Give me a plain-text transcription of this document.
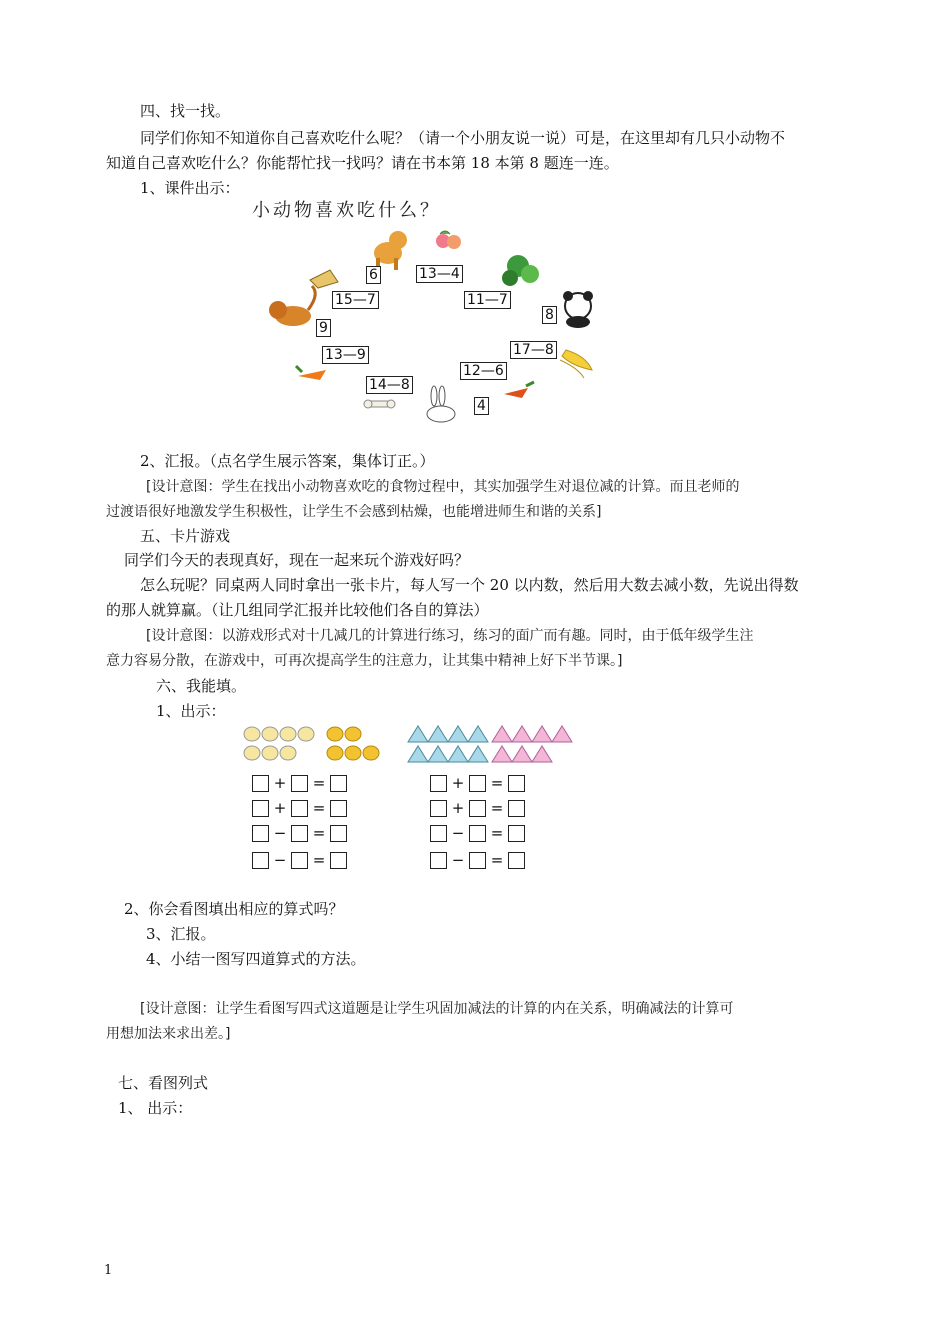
四、找一找。
同学们你知不知道你自己喜欢吃什么呢？（请一个小朋友说一说）可是，在这里却有几只小动物不
知道自己喜欢吃什么？你能帮忙找一找吗？请在书本第 18 本第 8 题连一连。
1、课件出示：
小动物喜欢吃什么？
6	13—4
15—7	11—7
8
9
13—9	17—8
12—6
14—8
4
2、汇报。（点名学生展示答案，集体订正。）
[设计意图：学生在找出小动物喜欢吃的食物过程中，其实加强学生对退位减的计算。而且老师的
过渡语很好地激发学生积极性，让学生不会感到枯燥，也能增进师生和谐的关系]
五、卡片游戏
同学们今天的表现真好，现在一起来玩个游戏好吗？
怎么玩呢？同桌两人同时拿出一张卡片，每人写一个 20 以内数，然后用大数去减小数，先说出得数
的那人就算赢。（让几组同学汇报并比较他们各自的算法）
[设计意图：以游戏形式对十几减几的计算进行练习，练习的面广而有趣。同时，由于低年级学生注
意力容易分散，在游戏中，可再次提高学生的注意力，让其集中精神上好下半节课。]
六、我能填。
1、出示：
+	=
+	=
−	=
−	=
+	=
+	=
−	=
−	=
2、你会看图填出相应的算式吗？
3、汇报。
4、小结一图写四道算式的方法。
[设计意图：让学生看图写四式这道题是让学生巩固加减法的计算的内在关系，明确减法的计算可
用想加法来求出差。]
七、看图列式
1、 出示：
1
